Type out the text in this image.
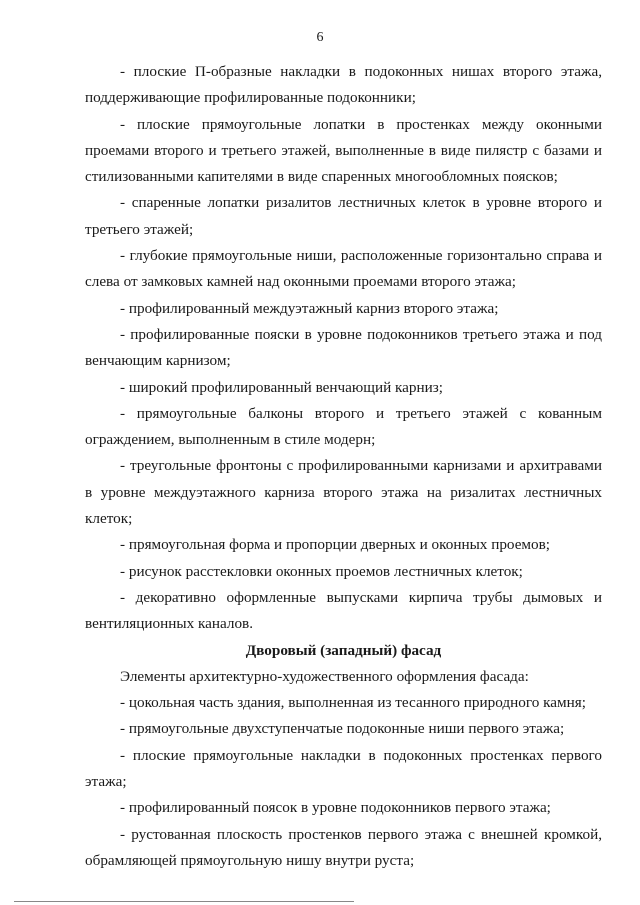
6

- плоские П-образные накладки в подоконных нишах второго этажа, поддерживающие профилированные подоконники;

- плоские прямоугольные лопатки в простенках между оконными проемами второго и третьего этажей, выполненные в виде пилястр с базами и стилизованными капителями в виде спаренных многообломных поясков;

- спаренные лопатки ризалитов лестничных клеток в уровне второго и третьего этажей;

- глубокие прямоугольные ниши, расположенные горизонтально справа и слева от замковых камней над оконными проемами второго этажа;

- профилированный междуэтажный карниз второго этажа;

- профилированные пояски в уровне подоконников третьего этажа и под венчающим карнизом;

- широкий профилированный венчающий карниз;

- прямоугольные балконы второго и третьего этажей с кованным ограждением, выполненным в стиле модерн;

- треугольные фронтоны с профилированными карнизами и архитравами в уровне междуэтажного карниза второго этажа на ризалитах лестничных клеток;

- прямоугольная форма и пропорции дверных и оконных проемов;

- рисунок расстекловки оконных проемов лестничных клеток;

- декоративно оформленные выпусками кирпича трубы дымовых и вентиляционных каналов.

Дворовый (западный) фасад

Элементы архитектурно-художественного оформления фасада:

- цокольная часть здания, выполненная из тесанного природного камня;

- прямоугольные двухступенчатые подоконные ниши первого этажа;

- плоские прямоугольные накладки в подоконных простенках первого этажа;

- профилированный поясок в уровне подоконников первого этажа;

- рустованная плоскость простенков первого этажа с внешней кромкой, обрамляющей прямоугольную нишу внутри руста;
